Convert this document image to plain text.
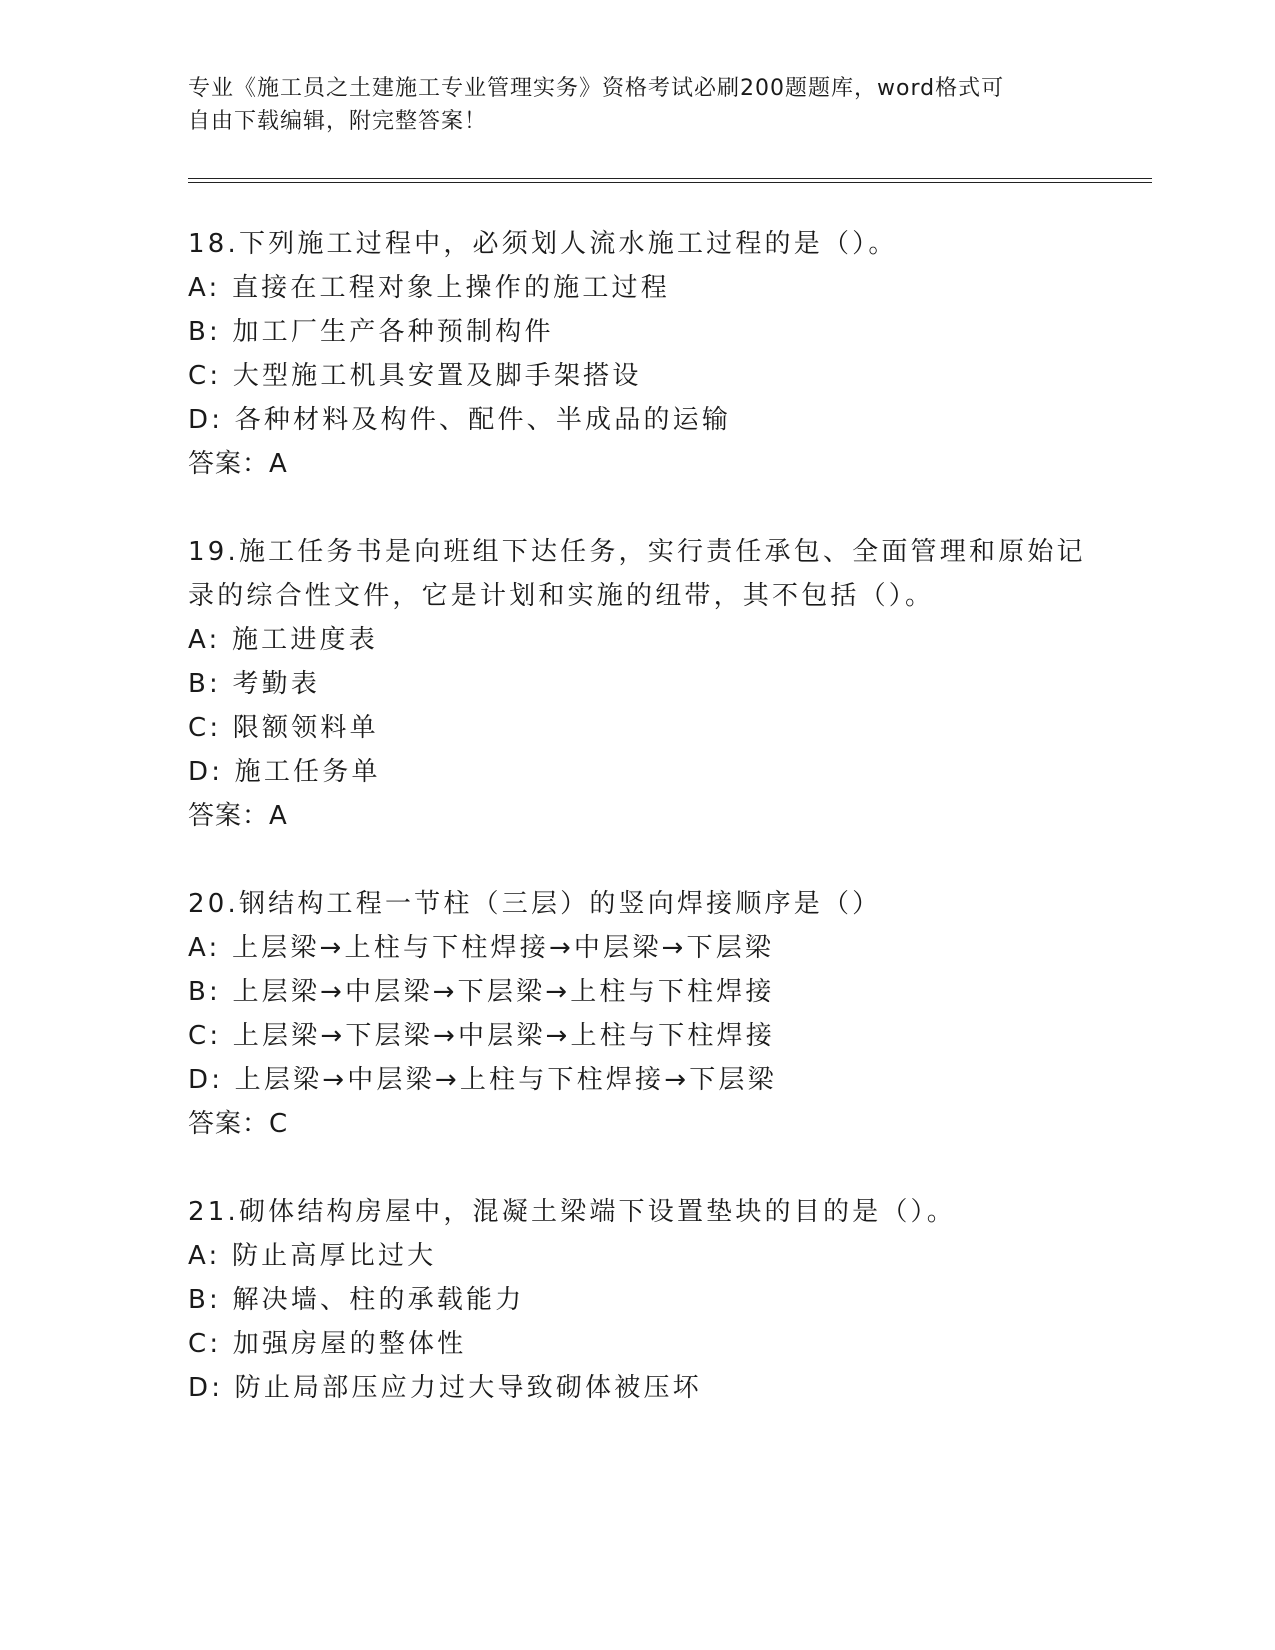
专业《施工员之土建施工专业管理实务》资格考试必刷200题题库，word格式可
自由下载编辑，附完整答案！
18.下列施工过程中，必须划人流水施工过程的是（）。
A: 直接在工程对象上操作的施工过程
B: 加工厂生产各种预制构件
C: 大型施工机具安置及脚手架搭设
D: 各种材料及构件、配件、半成品的运输
答案：A
19.施工任务书是向班组下达任务，实行责任承包、全面管理和原始记
录的综合性文件，它是计划和实施的纽带，其不包括（）。
A: 施工进度表
B: 考勤表
C: 限额领料单
D: 施工任务单
答案：A
20.钢结构工程一节柱（三层）的竖向焊接顺序是（）
A: 上层梁→上柱与下柱焊接→中层梁→下层梁
B: 上层梁→中层梁→下层梁→上柱与下柱焊接
C: 上层梁→下层梁→中层梁→上柱与下柱焊接
D: 上层梁→中层梁→上柱与下柱焊接→下层梁
答案：C
21.砌体结构房屋中，混凝土梁端下设置垫块的目的是（）。
A: 防止高厚比过大
B: 解决墙、柱的承载能力
C: 加强房屋的整体性
D: 防止局部压应力过大导致砌体被压坏
